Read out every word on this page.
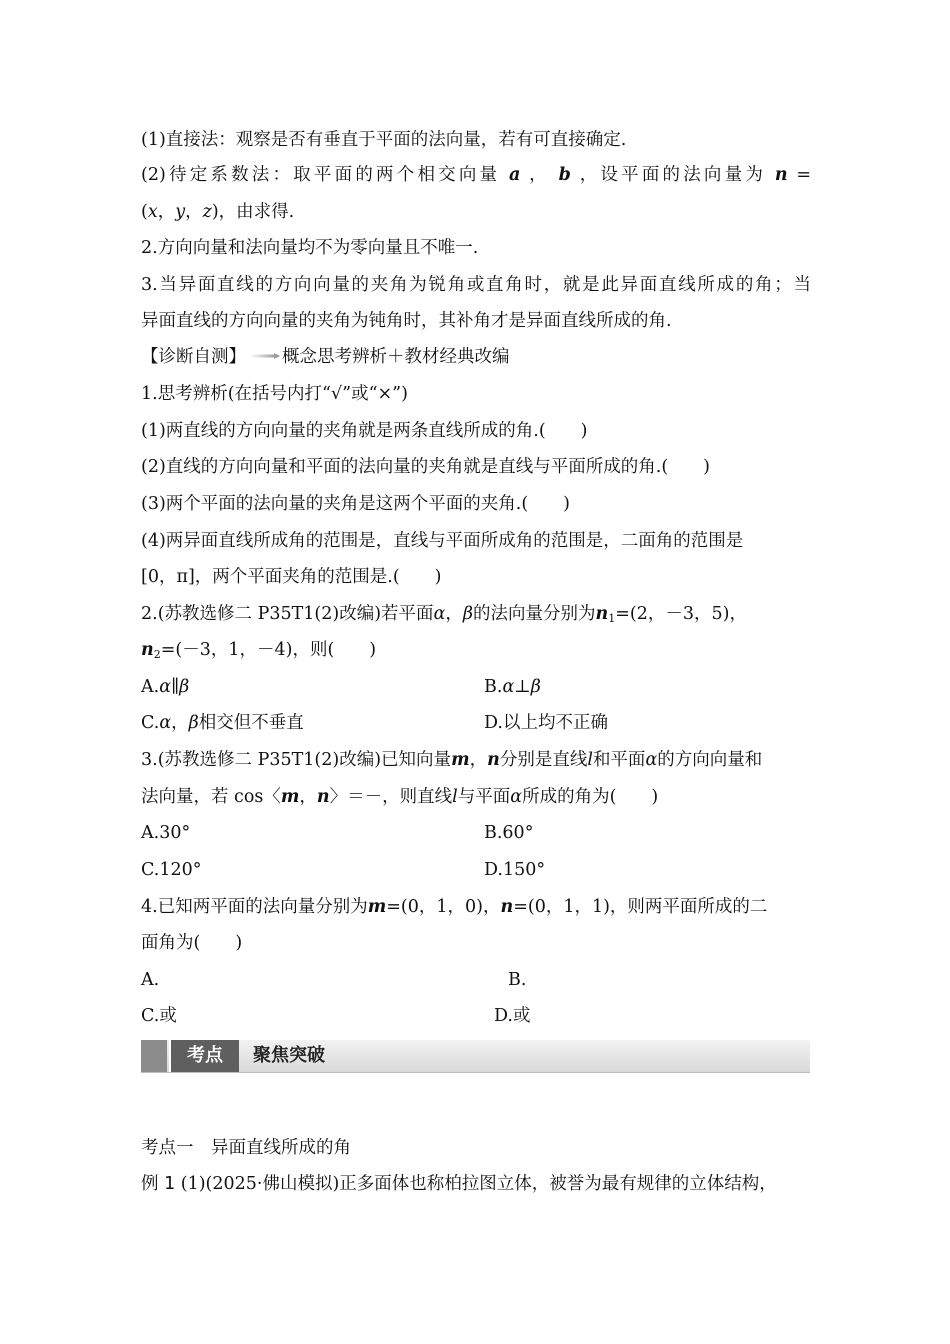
(1)直接法：观察是否有垂直于平面的法向量，若有可直接确定.
(2)待定系数法：取平面的两个相交向量 a ， b ，设平面的法向量为 n =
(x，y，z)，由求得.
2.方向向量和法向量均不为零向量且不唯一.
3.当异面直线的方向向量的夹角为锐角或直角时，就是此异面直线所成的角；当
异面直线的方向向量的夹角为钝角时，其补角才是异面直线所成的角.
【诊断自测】 概念思考辨析＋教材经典改编
1.思考辨析(在括号内打“√”或“×”)
(1)两直线的方向向量的夹角就是两条直线所成的角.(　　)
(2)直线的方向向量和平面的法向量的夹角就是直线与平面所成的角.(　　)
(3)两个平面的法向量的夹角是这两个平面的夹角.(　　)
(4)两异面直线所成角的范围是，直线与平面所成角的范围是，二面角的范围是
[0，π]，两个平面夹角的范围是.(　　)
2.(苏教选修二 P35T1(2)改编)若平面α，β的法向量分别为$n_1=(2$，－3，5)，
$n_2=(-3$，1，－4)，则(　　)
A.α∥β	B.α⊥β
C.α，β相交但不垂直	D.以上均不正确
3.(苏教选修二 P35T1(2)改编)已知向量m，n分别是直线l和平面α的方向向量和
法向量，若 cos〈m，n〉＝－，则直线l与平面α所成的角为(　　)
A.30°	B.60°
C.120°	D.150°
4.已知两平面的法向量分别为m=(0，1，0)，n=(0，1，1)，则两平面所成的二
面角为(　　)
A.	B.
C.或	D.或
考点	聚焦突破
考点一　异面直线所成的角
例 1 (1)(2025·佛山模拟)正多面体也称柏拉图立体，被誉为最有规律的立体结构，
